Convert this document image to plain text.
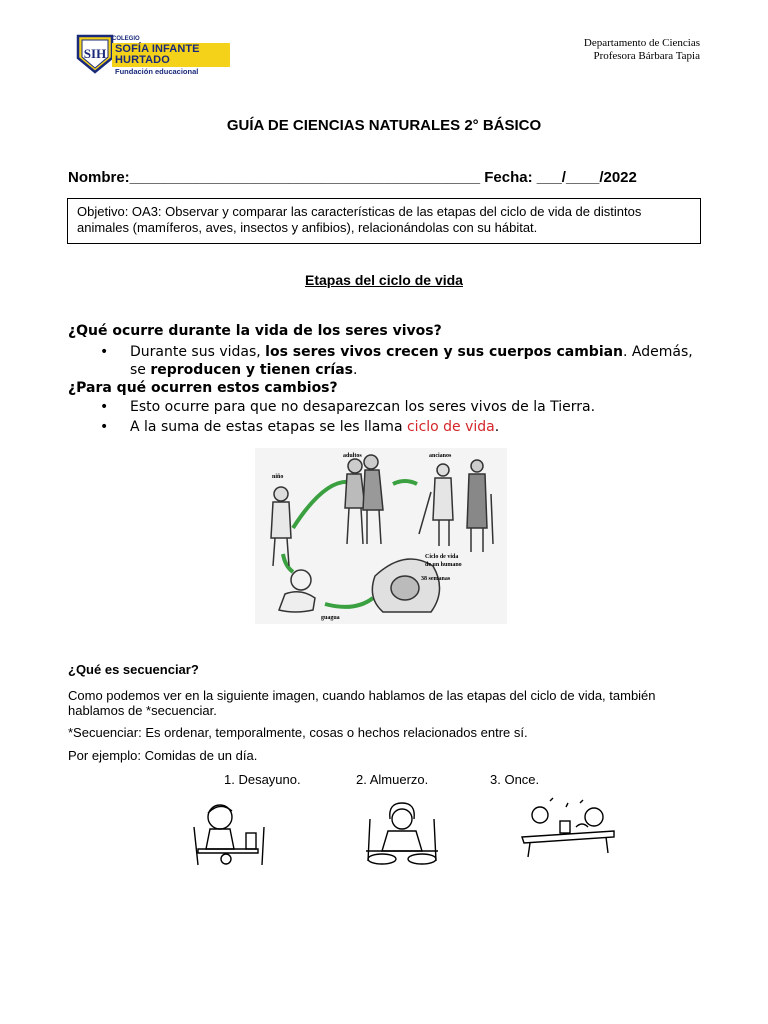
SIH
COLEGIO
SOFÍA INFANTE HURTADO
Fundación educacional
Departamento de Ciencias
Profesora Bárbara Tapia
GUÍA DE CIENCIAS NATURALES 2° BÁSICO
Nombre:__________________________________________ Fecha: ___/____/2022
Objetivo: OA3: Observar y comparar las características de las etapas del ciclo de vida de distintos animales (mamíferos, aves, insectos y anfibios), relacionándolas con su hábitat.
Etapas del ciclo de vida
¿Qué ocurre durante la vida de los seres vivos?
• Durante sus vidas, los seres vivos crecen y sus cuerpos cambian. Además, se reproducen y tienen crías.
¿Para qué ocurren estos cambios?
• Esto ocurre para que no desaparezcan los seres vivos de la Tierra.
• A la suma de estas etapas se les llama ciclo de vida.
adultos	ancianos
niño
Ciclo de vida
de un humano
38 semanas
guagua
¿Qué es secuenciar?
Como podemos ver en la siguiente imagen, cuando hablamos de las etapas del ciclo de vida, también hablamos de *secuenciar.
*Secuenciar: Es ordenar, temporalmente, cosas o hechos relacionados entre sí.
Por ejemplo: Comidas de un día.
1. Desayuno.	2. Almuerzo.	3. Once.
